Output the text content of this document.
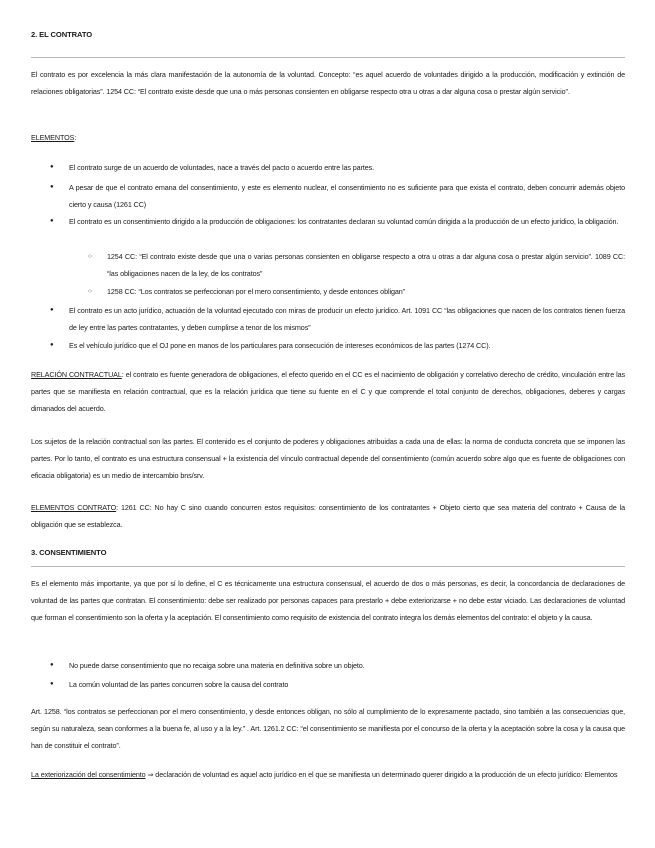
2. EL CONTRATO
El contrato es por excelencia la más clara manifestación de la autonomía de la voluntad. Concepto: “es aquel acuerdo de voluntades dirigido a la producción, modificación y extinción de relaciones obligatorias”. 1254 CC: “El contrato existe desde que una o más personas consienten en obligarse respecto otra u otras a dar alguna cosa o prestar algún servicio”.
ELEMENTOS:
● El contrato surge de un acuerdo de voluntades, nace a través del pacto o acuerdo entre las partes.
● A pesar de que el contrato emana del consentimiento, y este es elemento nuclear, el consentimiento no es suficiente para que exista el contrato, deben concurrir además objeto cierto y causa (1261 CC)
● El contrato es un consentimiento dirigido a la producción de obligaciones: los contratantes declaran su voluntad común dirigida a la producción de un efecto jurídico, la obligación.
○ 1254 CC: “El contrato existe desde que una o varias personas consienten en obligarse respecto a otra u otras a dar alguna cosa o prestar algún servicio”. 1089 CC: “las obligaciones nacen de la ley, de los contratos”
○ 1258 CC: “Los contratos se perfeccionan por el mero consentimiento, y desde entonces obligan”
● El contrato es un acto jurídico, actuación de la voluntad ejecutado con miras de producir un efecto jurídico. Art. 1091 CC “las obligaciones que nacen de los contratos tienen fuerza de ley entre las partes contratantes, y deben cumplirse a tenor de los mismos”
● Es el vehículo jurídico que el OJ pone en manos de los particulares para consecución de intereses económicos de las partes (1274 CC).
RELACIÓN CONTRACTUAL: el contrato es fuente generadora de obligaciones, el efecto querido en el CC es el nacimiento de obligación y correlativo derecho de crédito, vinculación entre las partes que se manifiesta en relación contractual, que es la relación jurídica que tiene su fuente en el C y que comprende el total conjunto de derechos, obligaciones, deberes y cargas dimanados del acuerdo.
Los sujetos de la relación contractual son las partes. El contenido es el conjunto de poderes y obligaciones atribuidas a cada una de ellas: la norma de conducta concreta que se imponen las partes. Por lo tanto, el contrato es una estructura consensual + la existencia del vínculo contractual depende del consentimiento (común acuerdo sobre algo que es fuente de obligaciones con eficacia obligatoria) es un medio de intercambio bns/srv.
ELEMENTOS CONTRATO: 1261 CC: No hay C sino cuando concurren estos requisitos: consentimiento de los contratantes + Objeto cierto que sea materia del contrato + Causa de la obligación que se establezca.
3. CONSENTIMIENTO
Es el elemento más importante, ya que por sí lo define, el C es técnicamente una estructura consensual, el acuerdo de dos o más personas, es decir, la concordancia de declaraciones de voluntad de las partes que contratan. El consentimiento: debe ser realizado por personas capaces para prestarlo + debe exteriorizarse + no debe estar viciado. Las declaraciones de voluntad que forman el consentimiento son la oferta y la aceptación. El consentimiento como requisito de existencia del contrato integra los demás elementos del contrato: el objeto y la causa.
● No puede darse consentimiento que no recaiga sobre una materia en definitiva sobre un objeto.
● La común voluntad de las partes concurren sobre la causa del contrato
Art. 1258. “los contratos se perfeccionan por el mero consentimiento, y desde entonces obligan, no sólo al cumplimiento de lo expresamente pactado, sino también a las consecuencias que, según su naturaleza, sean conformes a la buena fe, al uso y a la ley.” . Art. 1261.2 CC: “el consentimiento se manifiesta por el concurso de la oferta y la aceptación sobre la cosa y la causa que han de constituir el contrato”.
La exteriorización del consentimiento ⇒ declaración de voluntad es aquel acto jurídico en el que se manifiesta un determinado querer dirigido a la producción de un efecto jurídico: Elementos
